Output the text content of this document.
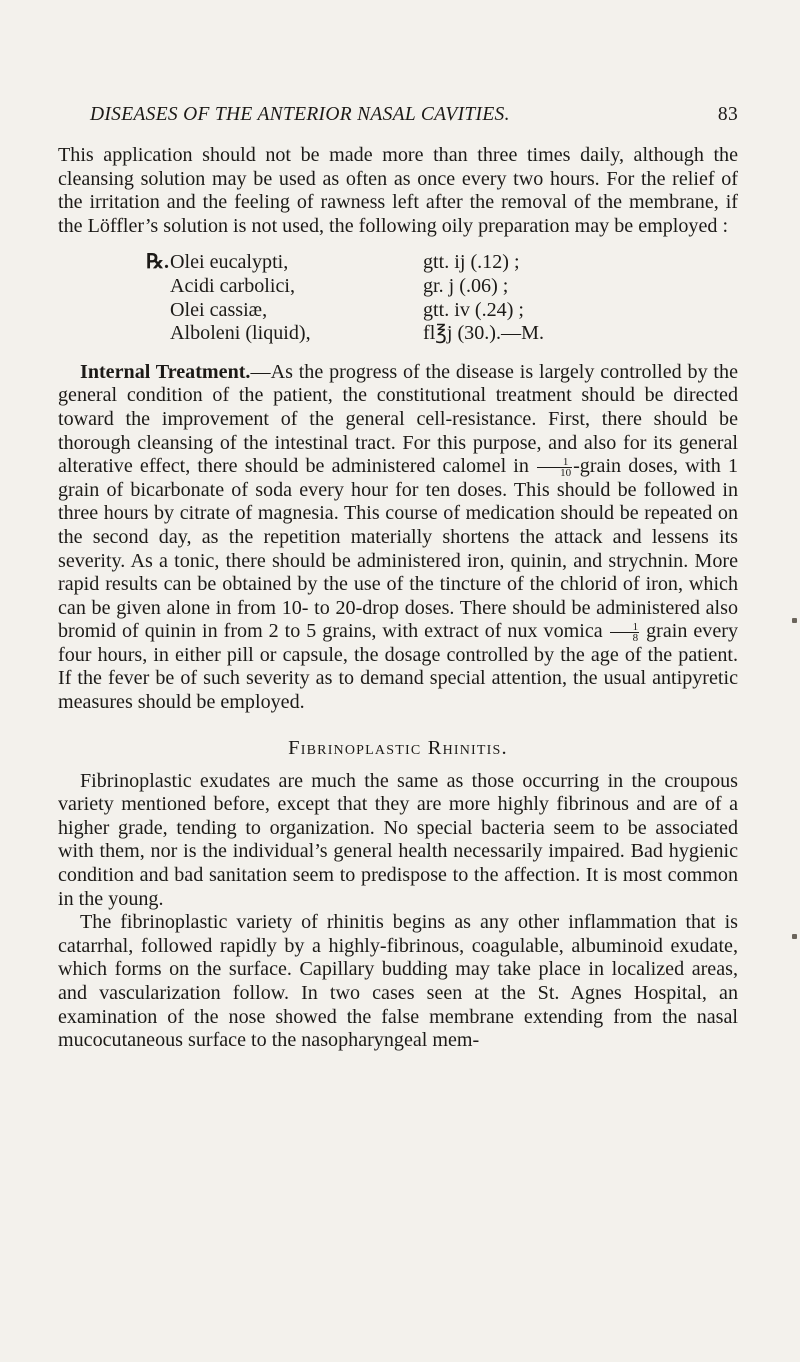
DISEASES OF THE ANTERIOR NASAL CAVITIES.	83

This application should not be made more than three times daily, although the cleansing solution may be used as often as once every two hours. For the relief of the irritation and the feeling of rawness left after the removal of the membrane, if the Löffler’s solution is not used, the following oily preparation may be employed :

℞.Olei eucalypti,	gtt. ij (.12) ;
Acidi carbolici,	gr. j (.06) ;
Olei cassiæ,	gtt. iv (.24) ;
Alboleni (liquid),	fl℥j (30.).—M.

Internal Treatment.—As the progress of the disease is largely controlled by the general condition of the patient, the constitutional treatment should be directed toward the improvement of the general cell-resistance. First, there should be thorough cleansing of the intestinal tract. For this purpose, and also for its general alterative effect, there should be administered calomel in $\frac{1}{10}$ -grain doses, with 1 grain of bicarbonate of soda every hour for ten doses. This should be followed in three hours by citrate of magnesia. This course of medication should be repeated on the second day, as the repetition materially shortens the attack and lessens its severity. As a tonic, there should be administered iron, quinin, and strychnin. More rapid results can be obtained by the use of the tincture of the chlorid of iron, which can be given alone in from 10- to 20-drop doses. There should be administered also bromid of quinin in from 2 to 5 grains, with extract of nux vomica $\frac{1}{8}$ grain every four hours, in either pill or capsule, the dosage controlled by the age of the patient. If the fever be of such severity as to demand special attention, the usual antipyretic measures should be employed.

Fibrinoplastic Rhinitis.

Fibrinoplastic exudates are much the same as those occurring in the croupous variety mentioned before, except that they are more highly fibrinous and are of a higher grade, tending to organization. No special bacteria seem to be associated with them, nor is the individual’s general health necessarily impaired. Bad hygienic condition and bad sanitation seem to predispose to the affection. It is most common in the young.

The fibrinoplastic variety of rhinitis begins as any other inflammation that is catarrhal, followed rapidly by a highly-fibrinous, coagulable, albuminoid exudate, which forms on the surface. Capillary budding may take place in localized areas, and vascularization follow. In two cases seen at the St. Agnes Hospital, an examination of the nose showed the false membrane extending from the nasal mucocutaneous surface to the nasopharyngeal mem-
